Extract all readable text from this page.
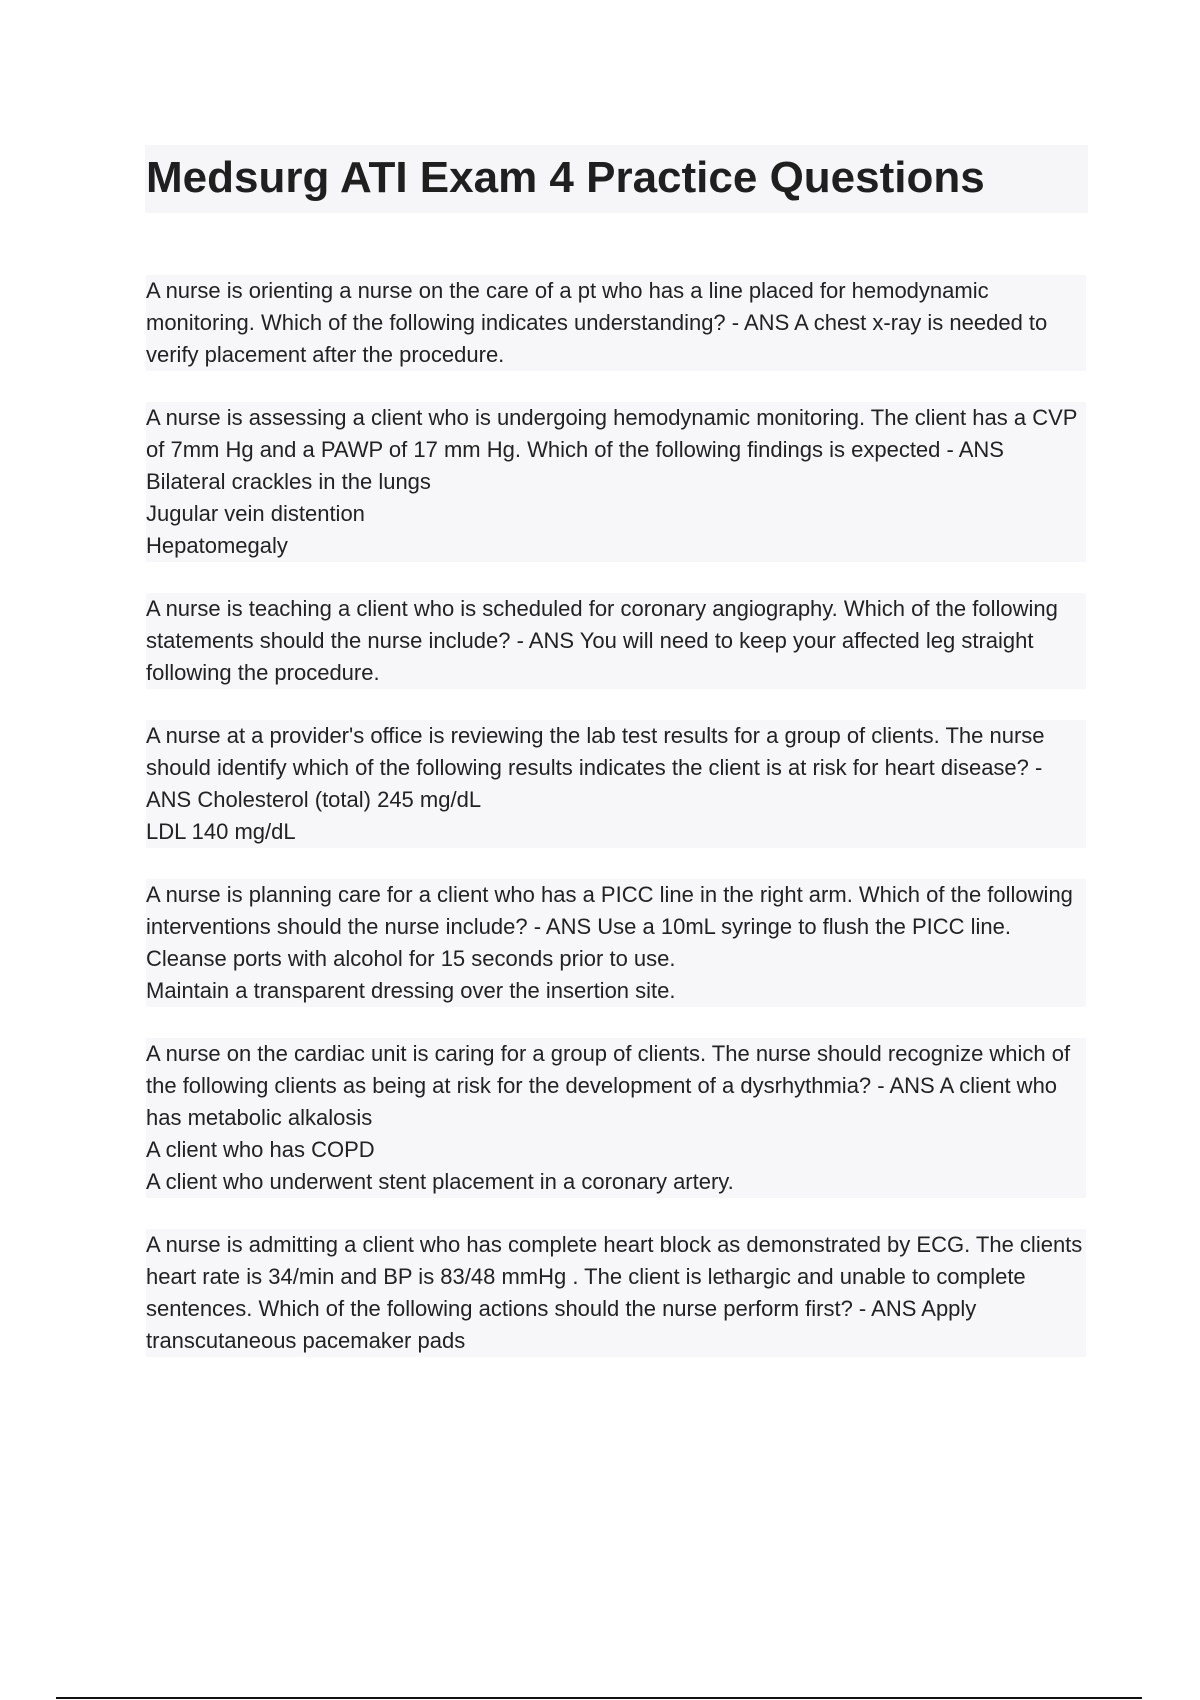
Medsurg ATI Exam 4 Practice Questions

A nurse is orienting a nurse on the care of a pt who has a line placed for hemodynamic monitoring. Which of the following indicates understanding? - ANS A chest x-ray is needed to verify placement after the procedure.

A nurse is assessing a client who is undergoing hemodynamic monitoring. The client has a CVP of 7mm Hg and a PAWP of 17 mm Hg. Which of the following findings is expected - ANS Bilateral crackles in the lungs

Jugular vein distention

Hepatomegaly

A nurse is teaching a client who is scheduled for coronary angiography. Which of the following statements should the nurse include? - ANS You will need to keep your affected leg straight following the procedure.

A nurse at a provider's office is reviewing the lab test results for a group of clients. The nurse should identify which of the following results indicates the client is at risk for heart disease? - ANS Cholesterol (total) 245 mg/dL

LDL 140 mg/dL

A nurse is planning care for a client who has a PICC line in the right arm. Which of the following interventions should the nurse include? - ANS Use a 10mL syringe to flush the PICC line.

Cleanse ports with alcohol for 15 seconds prior to use.

Maintain a transparent dressing over the insertion site.

A nurse on the cardiac unit is caring for a group of clients. The nurse should recognize which of the following clients as being at risk for the development of a dysrhythmia? - ANS A client who has metabolic alkalosis

A client who has COPD

A client who underwent stent placement in a coronary artery.

A nurse is admitting a client who has complete heart block as demonstrated by ECG. The clients heart rate is 34/min and BP is 83/48 mmHg . The client is lethargic and unable to complete sentences. Which of the following actions should the nurse perform first? - ANS Apply transcutaneous pacemaker pads
